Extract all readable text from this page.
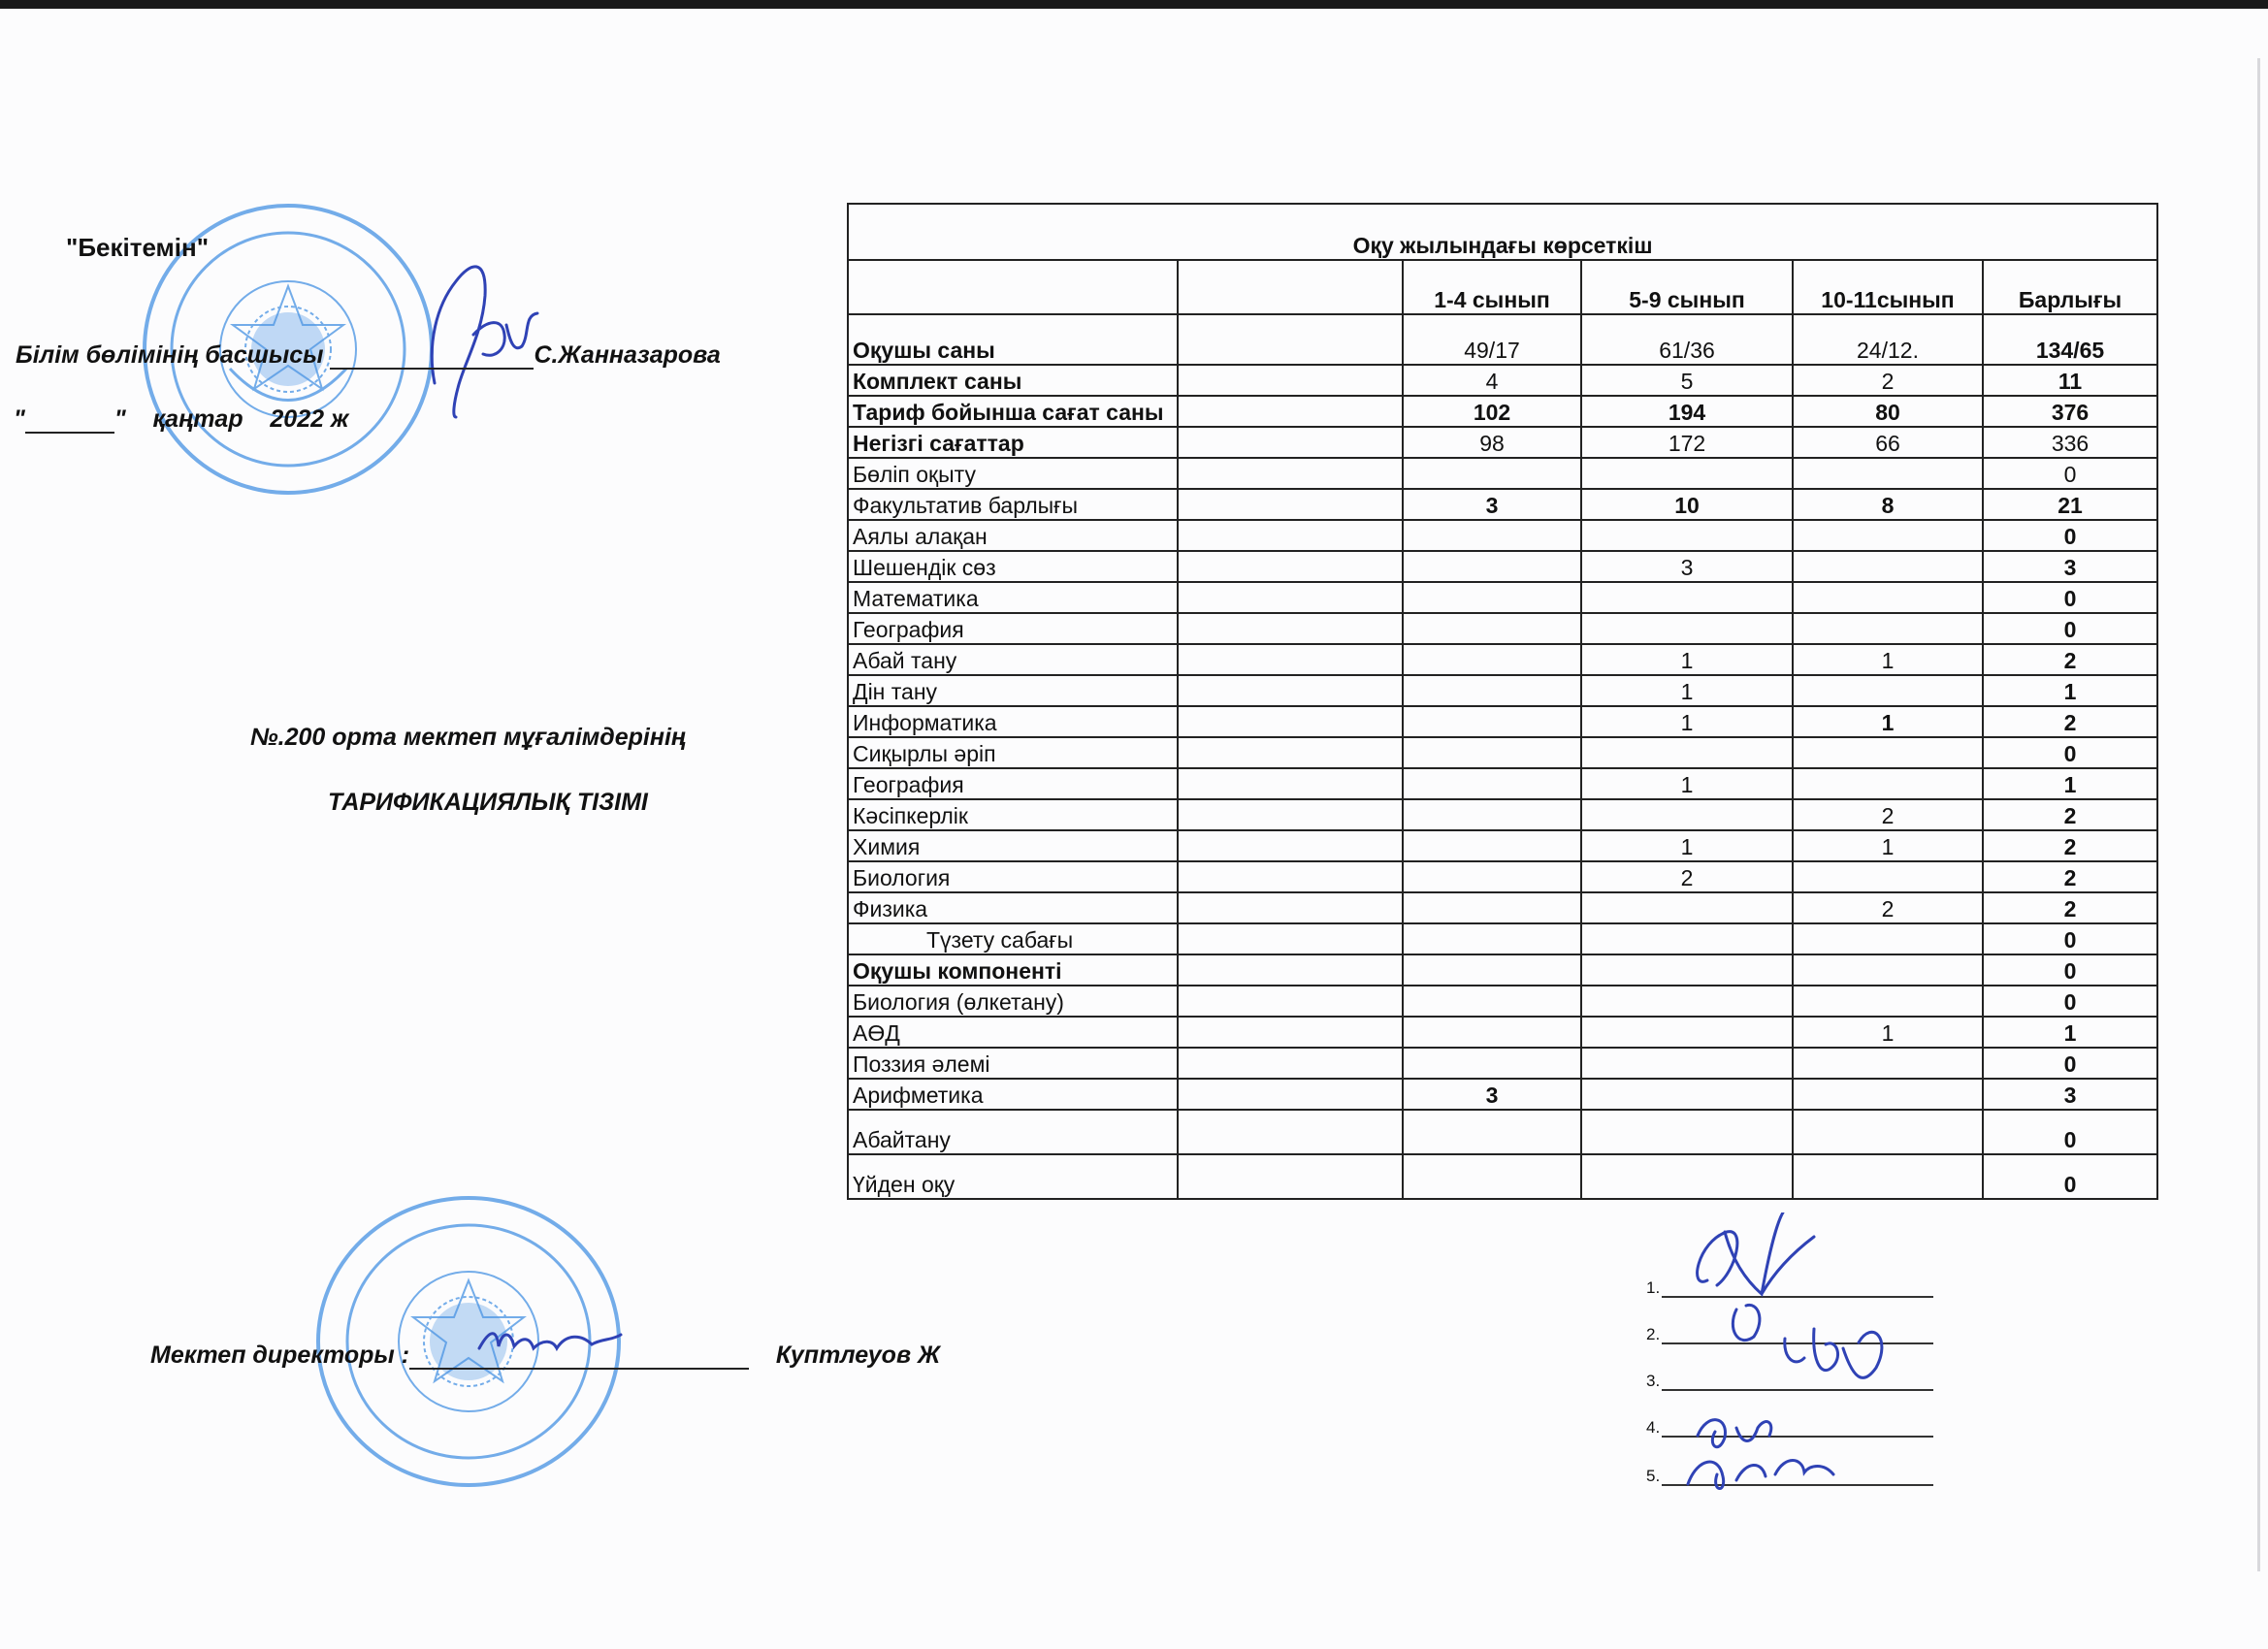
"Бекітемін"
Білім бөлімінің басшысы	С.Жанназарова
"	" қаңтар 2022 ж
№.200 орта мектеп мұғалімдерінің
ТАРИФИКАЦИЯЛЫҚ ТІЗІМІ
Оқу жылындағы көрсеткіш					
		1-4 сынып	5-9 сынып	10-11сынып	Барлығы
Оқушы саны		49/17	61/36	24/12.	134/65
Комплект саны		4	5	2	11
Тариф бойынша сағат саны		102	194	80	376
Негізгі сағаттар		98	172	66	336
Бөліп оқыту					0
Факультатив барлығы		3	10	8	21
Аялы алақан					0
Шешендік сөз			3		3
Математика					0
География					0
Абай тану			1	1	2
Дін тану			1		1
Информатика			1	1	2
Сиқырлы әріп					0
География			1		1
Кәсіпкерлік				2	2
Химия			1	1	2
Биология			2		2
Физика				2	2
Түзету сабағы					0
Оқушы компоненті					0
Биология (өлкетану)					0
АӨД				1	1
Поззия әлемі					0
Арифметика		3			3
Абайтану					0
Үйден оқу					0
Мектеп директоры :	Куптлеуов Ж
1.
2.
3.
4.
5.
